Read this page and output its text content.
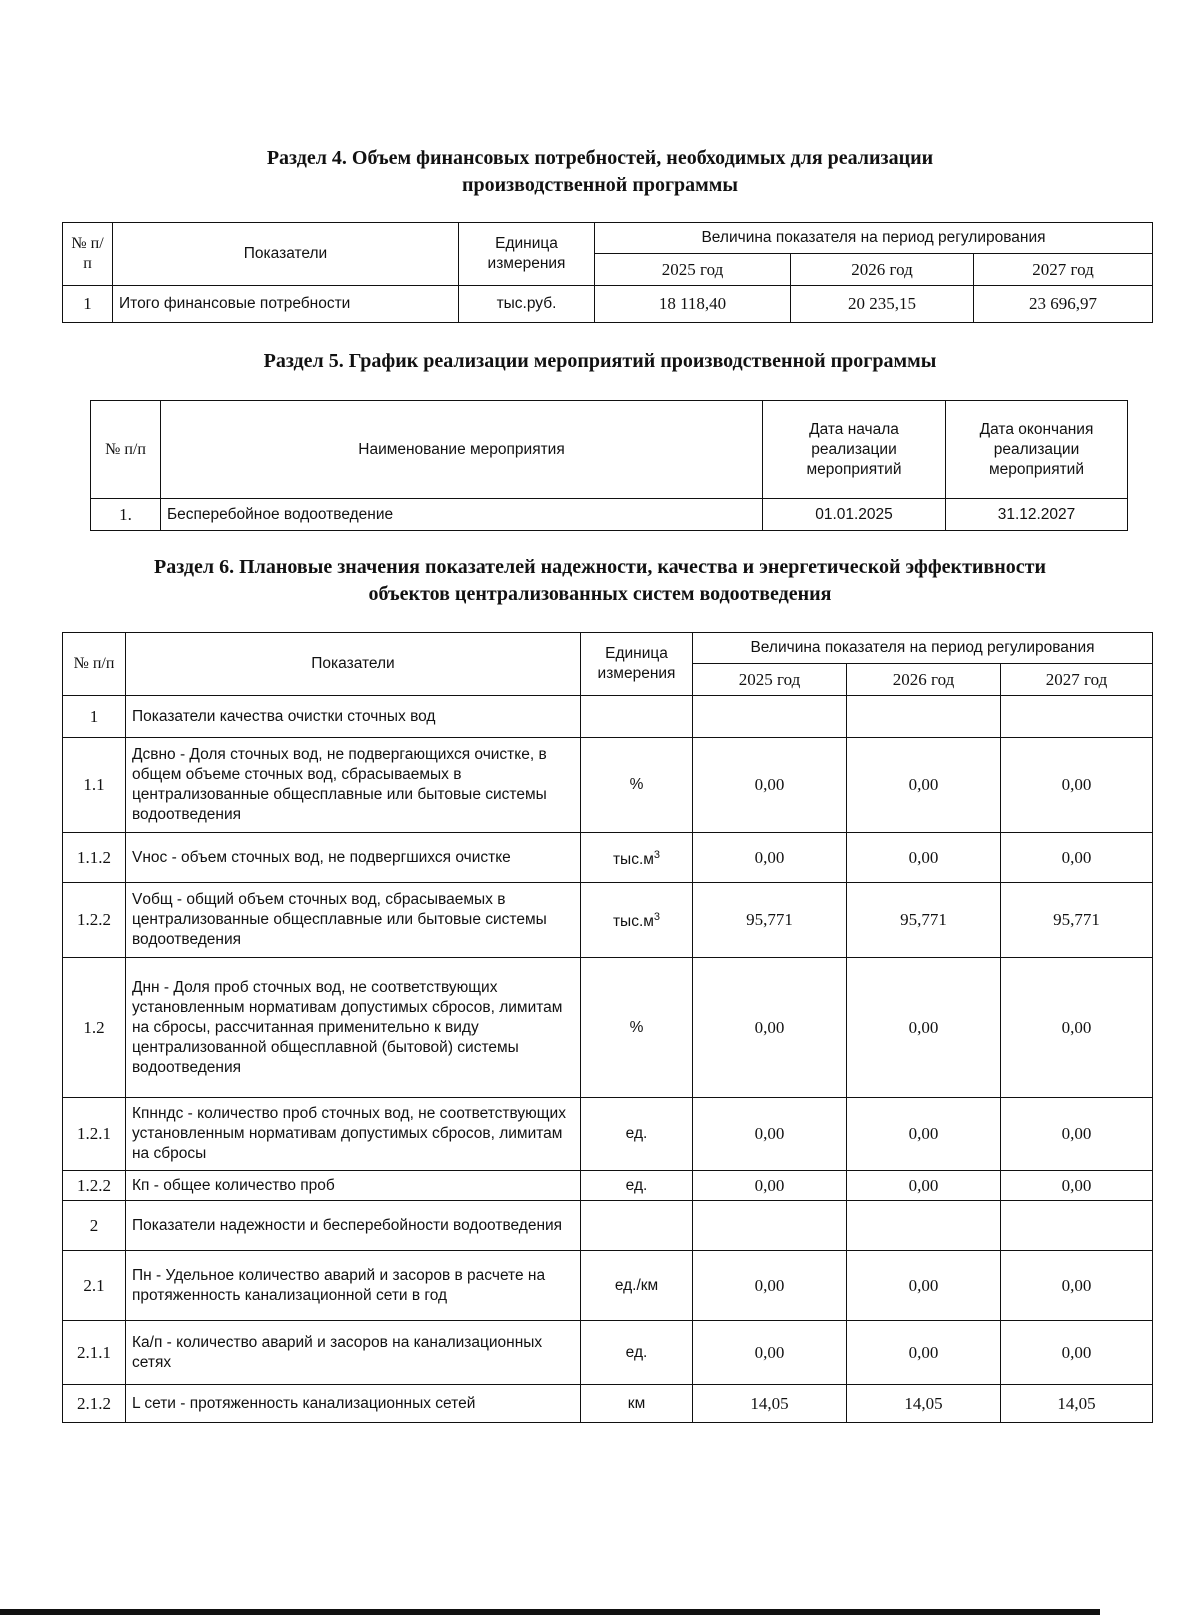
Раздел 4. Объем финансовых потребностей, необходимых для реализации
производственной программы
№ п/п	Показатели	Единица измерения	Величина показателя на период регулирования		
			2025 год	2026 год	2027 год
1	Итого финансовые потребности	тыс.руб.	18 118,40	20 235,15	23 696,97
Раздел 5. График реализации мероприятий производственной программы
№ п/п	Наименование мероприятия	Дата начала реализации мероприятий	Дата окончания реализации мероприятий
1.	Бесперебойное водоотведение	01.01.2025	31.12.2027
Раздел 6. Плановые значения показателей надежности, качества и энергетической эффективности
объектов централизованных систем водоотведения
№ п/п	Показатели	Единица измерения	Величина показателя на период регулирования		
			2025 год	2026 год	2027 год
1	Показатели качества очистки сточных вод				
1.1	Дсвно - Доля сточных вод, не подвергающихся очистке, в общем объеме сточных вод, сбрасываемых в централизованные общесплавные или бытовые системы водоотведения	%	0,00	0,00	0,00
1.1.2	Vнос - объем сточных вод, не подвергшихся очистке	$тыс.м^3$	0,00	0,00	0,00
1.2.2	Vобщ - общий объем сточных вод, сбрасываемых в централизованные общесплавные или бытовые системы водоотведения	$тыс.м^3$	95,771	95,771	95,771
1.2	Днн - Доля проб сточных вод, не соответствующих установленным нормативам допустимых сбросов, лимитам на сбросы, рассчитанная применительно к виду централизованной общесплавной (бытовой) системы водоотведения	%	0,00	0,00	0,00
1.2.1	Кпнндс - количество проб сточных вод, не соответствующих установленным нормативам допустимых сбросов, лимитам на сбросы	ед.	0,00	0,00	0,00
1.2.2	Кп - общее количество проб	ед.	0,00	0,00	0,00
2	Показатели надежности и бесперебойности водоотведения				
2.1	Пн - Удельное количество аварий и засоров в расчете на протяженность канализационной сети в год	ед./км	0,00	0,00	0,00
2.1.1	Ка/п - количество аварий и засоров на канализационных сетях	ед.	0,00	0,00	0,00
2.1.2	L сети - протяженность канализационных сетей	км	14,05	14,05	14,05
